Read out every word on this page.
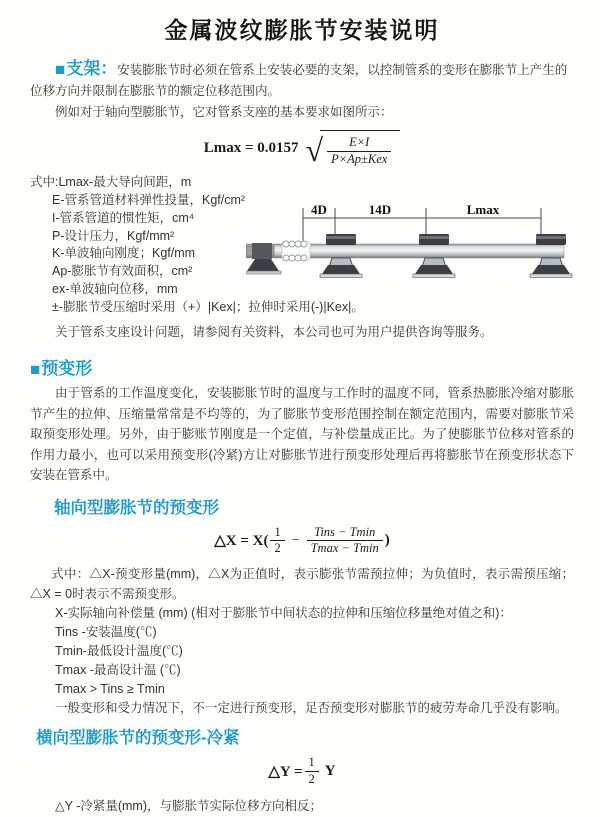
金属波纹膨胀节安装说明

■支架：安装膨胀节时必须在管系上安装必要的支架，以控制管系的变形在膨胀节上产生的位移方向并限制在膨胀节的额定位移范围内。

例如对于轴向型膨胀节，它对管系支座的基本要求如图所示：

Lmax = 0.0157 √ $\frac{E\times I}{\text{P×Ap±Kex}}$
式中:Lmax-最大导向间距，m
E-管系管道材料弹性投量，Kgf/cm²
I-管系管道的惯性矩，cm⁴
P-设计压力，Kgf/mm²
K-单波轴向刚度；Kgf/mm
Ap-膨胀节有效面积，cm²
ex-单波轴向位移，mm
±-膨胀节受压缩时采用（+）|Kex|；拉伸时采用(-)|Kex|。
4D	14D	Lmax

关于管系支座设计问题，请参阅有关资料，本公司也可为用户提供咨询等服务。

■预变形

由于管系的工作温度变化，安装膨胀节时的温度与工作时的温度不同，管系热膨胀冷缩对膨胀节产生的拉伸、压缩量常常是不均等的，为了膨胀节变形范围控制在额定范围内，需要对膨胀节采取预变形处理。另外，由于膨账节刚度是一个定值，与补偿量成正比。为了使膨胀节位移对管系的作用力最小，也可以采用预变形(冷紧)方让对膨胀节进行预变形处理后再将膨胀节在预变形状态下安装在管系中。

轴向型膨胀节的预变形
△X = $X( \frac{1}{2} - \frac{\text{Tins − Tmin}}{Tmax - Tmin}$ )

式中：△X-预变形量(mm)，△X为正值时，表示膨张节需预拉伸；为负值时，表示需预压缩；△X = 0时表示不需预变形。

X-实际轴向补偿量 (mm) (相对于膨胀节中间状态的拉伸和压缩位移量绝对值之和)：
Tins -安装温度(℃)
Tmin-最低设计温度(℃)
Tmax -最高设计温 (℃)
Tmax > Tins ≥ Tmin

一般变形和受力情况下，不一定进行预变形，足否预变形对膨胀节的疲劳寿命几乎没有影响。

横向型膨胀节的预变形-冷紧
△Y = $\frac{1}{2}$ Y

△Y -冷紧量(mm)，与膨胀节实际位移方向相反；
